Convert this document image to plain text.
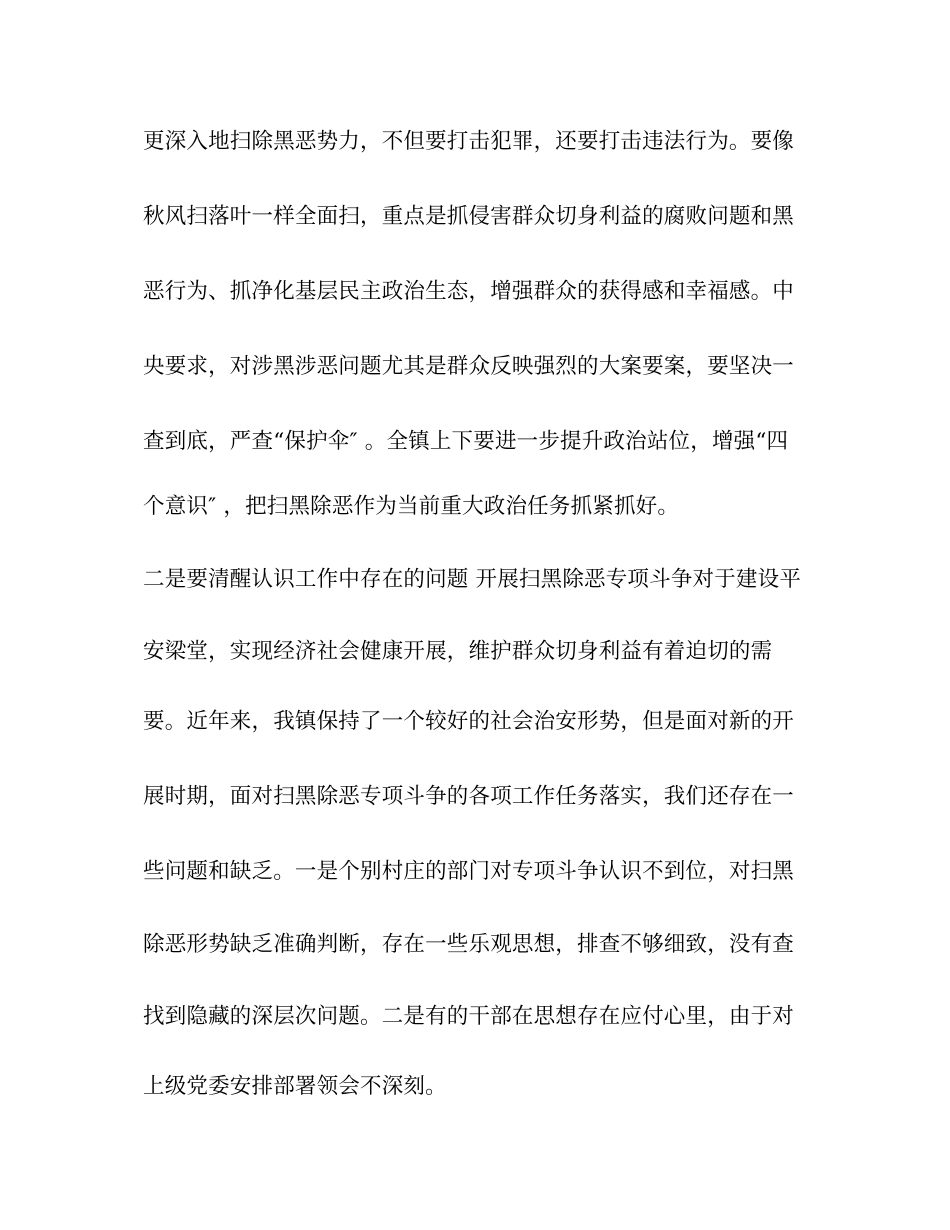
更深入地扫除黑恶势力，不但要打击犯罪，还要打击违法行为。要像
秋风扫落叶一样全面扫，重点是抓侵害群众切身利益的腐败问题和黑
恶行为、抓净化基层民主政治生态，增强群众的获得感和幸福感。中
央要求，对涉黑涉恶问题尤其是群众反映强烈的大案要案，要坚决一
查到底，严查“保护伞″ 。全镇上下要进一步提升政治站位，增强“四
个意识″ ，把扫黑除恶作为当前重大政治任务抓紧抓好。
二是要清醒认识工作中存在的问题 开展扫黑除恶专项斗争对于建设平
安梁堂，实现经济社会健康开展，维护群众切身利益有着迫切的需
要。近年来，我镇保持了一个较好的社会治安形势，但是面对新的开
展时期，面对扫黑除恶专项斗争的各项工作任务落实，我们还存在一
些问题和缺乏。一是个别村庄的部门对专项斗争认识不到位，对扫黑
除恶形势缺乏准确判断，存在一些乐观思想，排查不够细致，没有查
找到隐藏的深层次问题。二是有的干部在思想存在应付心里，由于对
上级党委安排部署领会不深刻。
